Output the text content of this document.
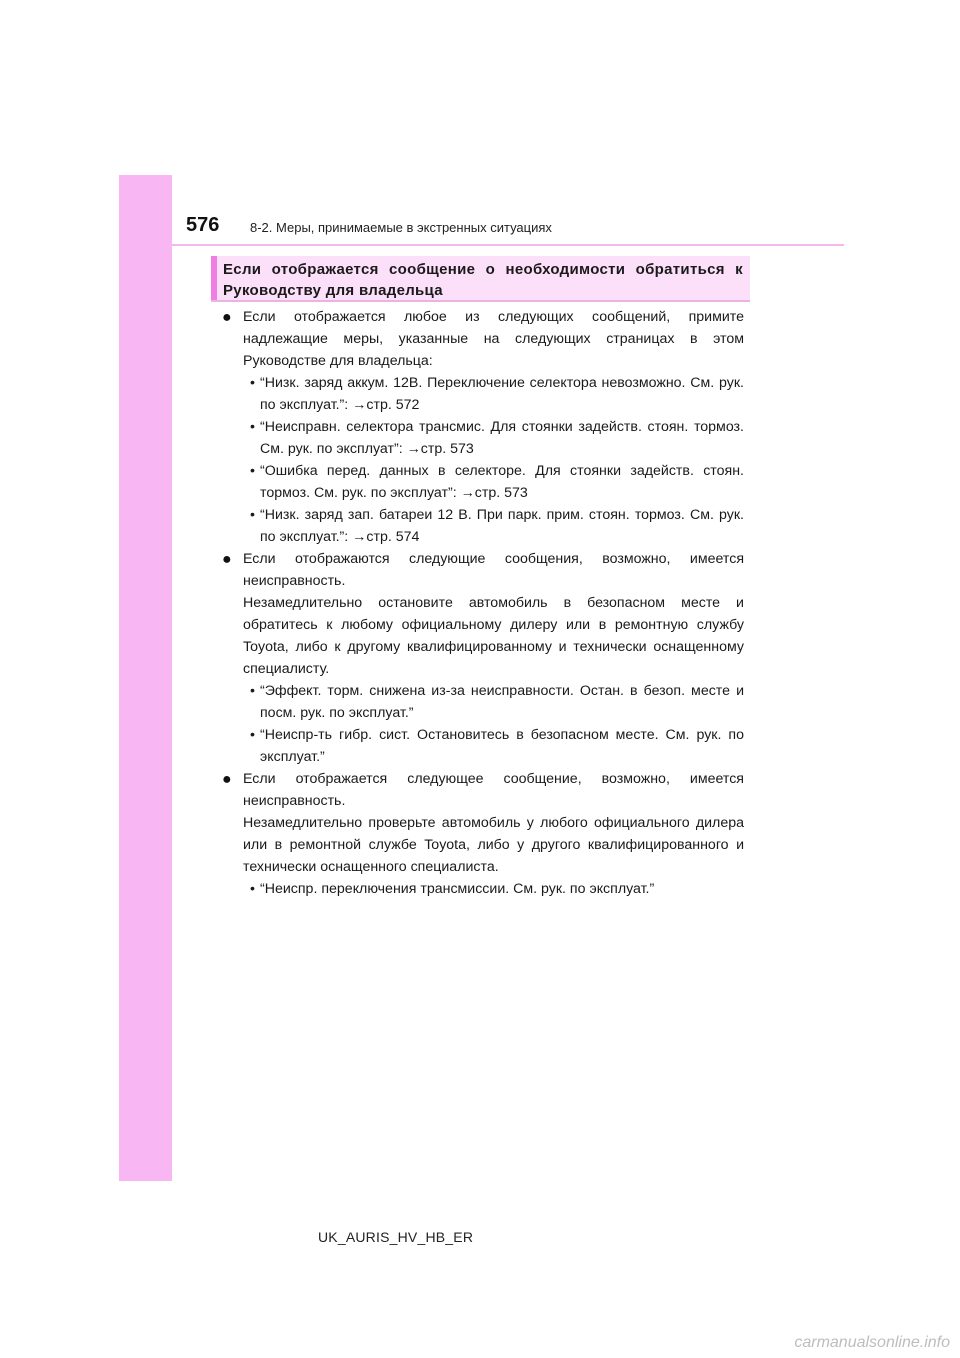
576 8-2. Меры, принимаемые в экстренных ситуациях
Если отображается сообщение о необходимости обратиться к Руководству для владельца
● Если отображается любое из следующих сообщений, примите надлежащие меры, указанные на следующих страницах в этом Руководстве для владельца:
• “Низк. заряд аккум. 12В. Переключение селектора невозможно. См. рук. по эксплуат.”: →стр. 572
• “Неисправн. селектора трансмис. Для стоянки задейств. стоян. тормоз. См. рук. по эксплуат”: →стр. 573
• “Ошибка перед. данных в селекторе. Для стоянки задейств. стоян. тормоз. См. рук. по эксплуат”: →стр. 573
• “Низк. заряд зап. батареи 12 В. При парк. прим. стоян. тормоз. См. рук. по эксплуат.”: →стр. 574
● Если отображаются следующие сообщения, возможно, имеется неисправность.
Незамедлительно остановите автомобиль в безопасном месте и обратитесь к любому официальному дилеру или в ремонтную службу Toyota, либо к другому квалифицированному и технически оснащенному специалисту.
• “Эффект. торм. снижена из-за неисправности. Остан. в безоп. месте и посм. рук. по эксплуат.”
• “Неиспр-ть гибр. сист. Остановитесь в безопасном месте. См. рук. по эксплуат.”
● Если отображается следующее сообщение, возможно, имеется неисправность.
Незамедлительно проверьте автомобиль у любого официального дилера или в ремонтной службе Toyota, либо у другого квалифицированного и технически оснащенного специалиста.
• “Неиспр. переключения трансмиссии. См. рук. по эксплуат.”
UK_AURIS_HV_HB_ER
carmanualsonline.info
